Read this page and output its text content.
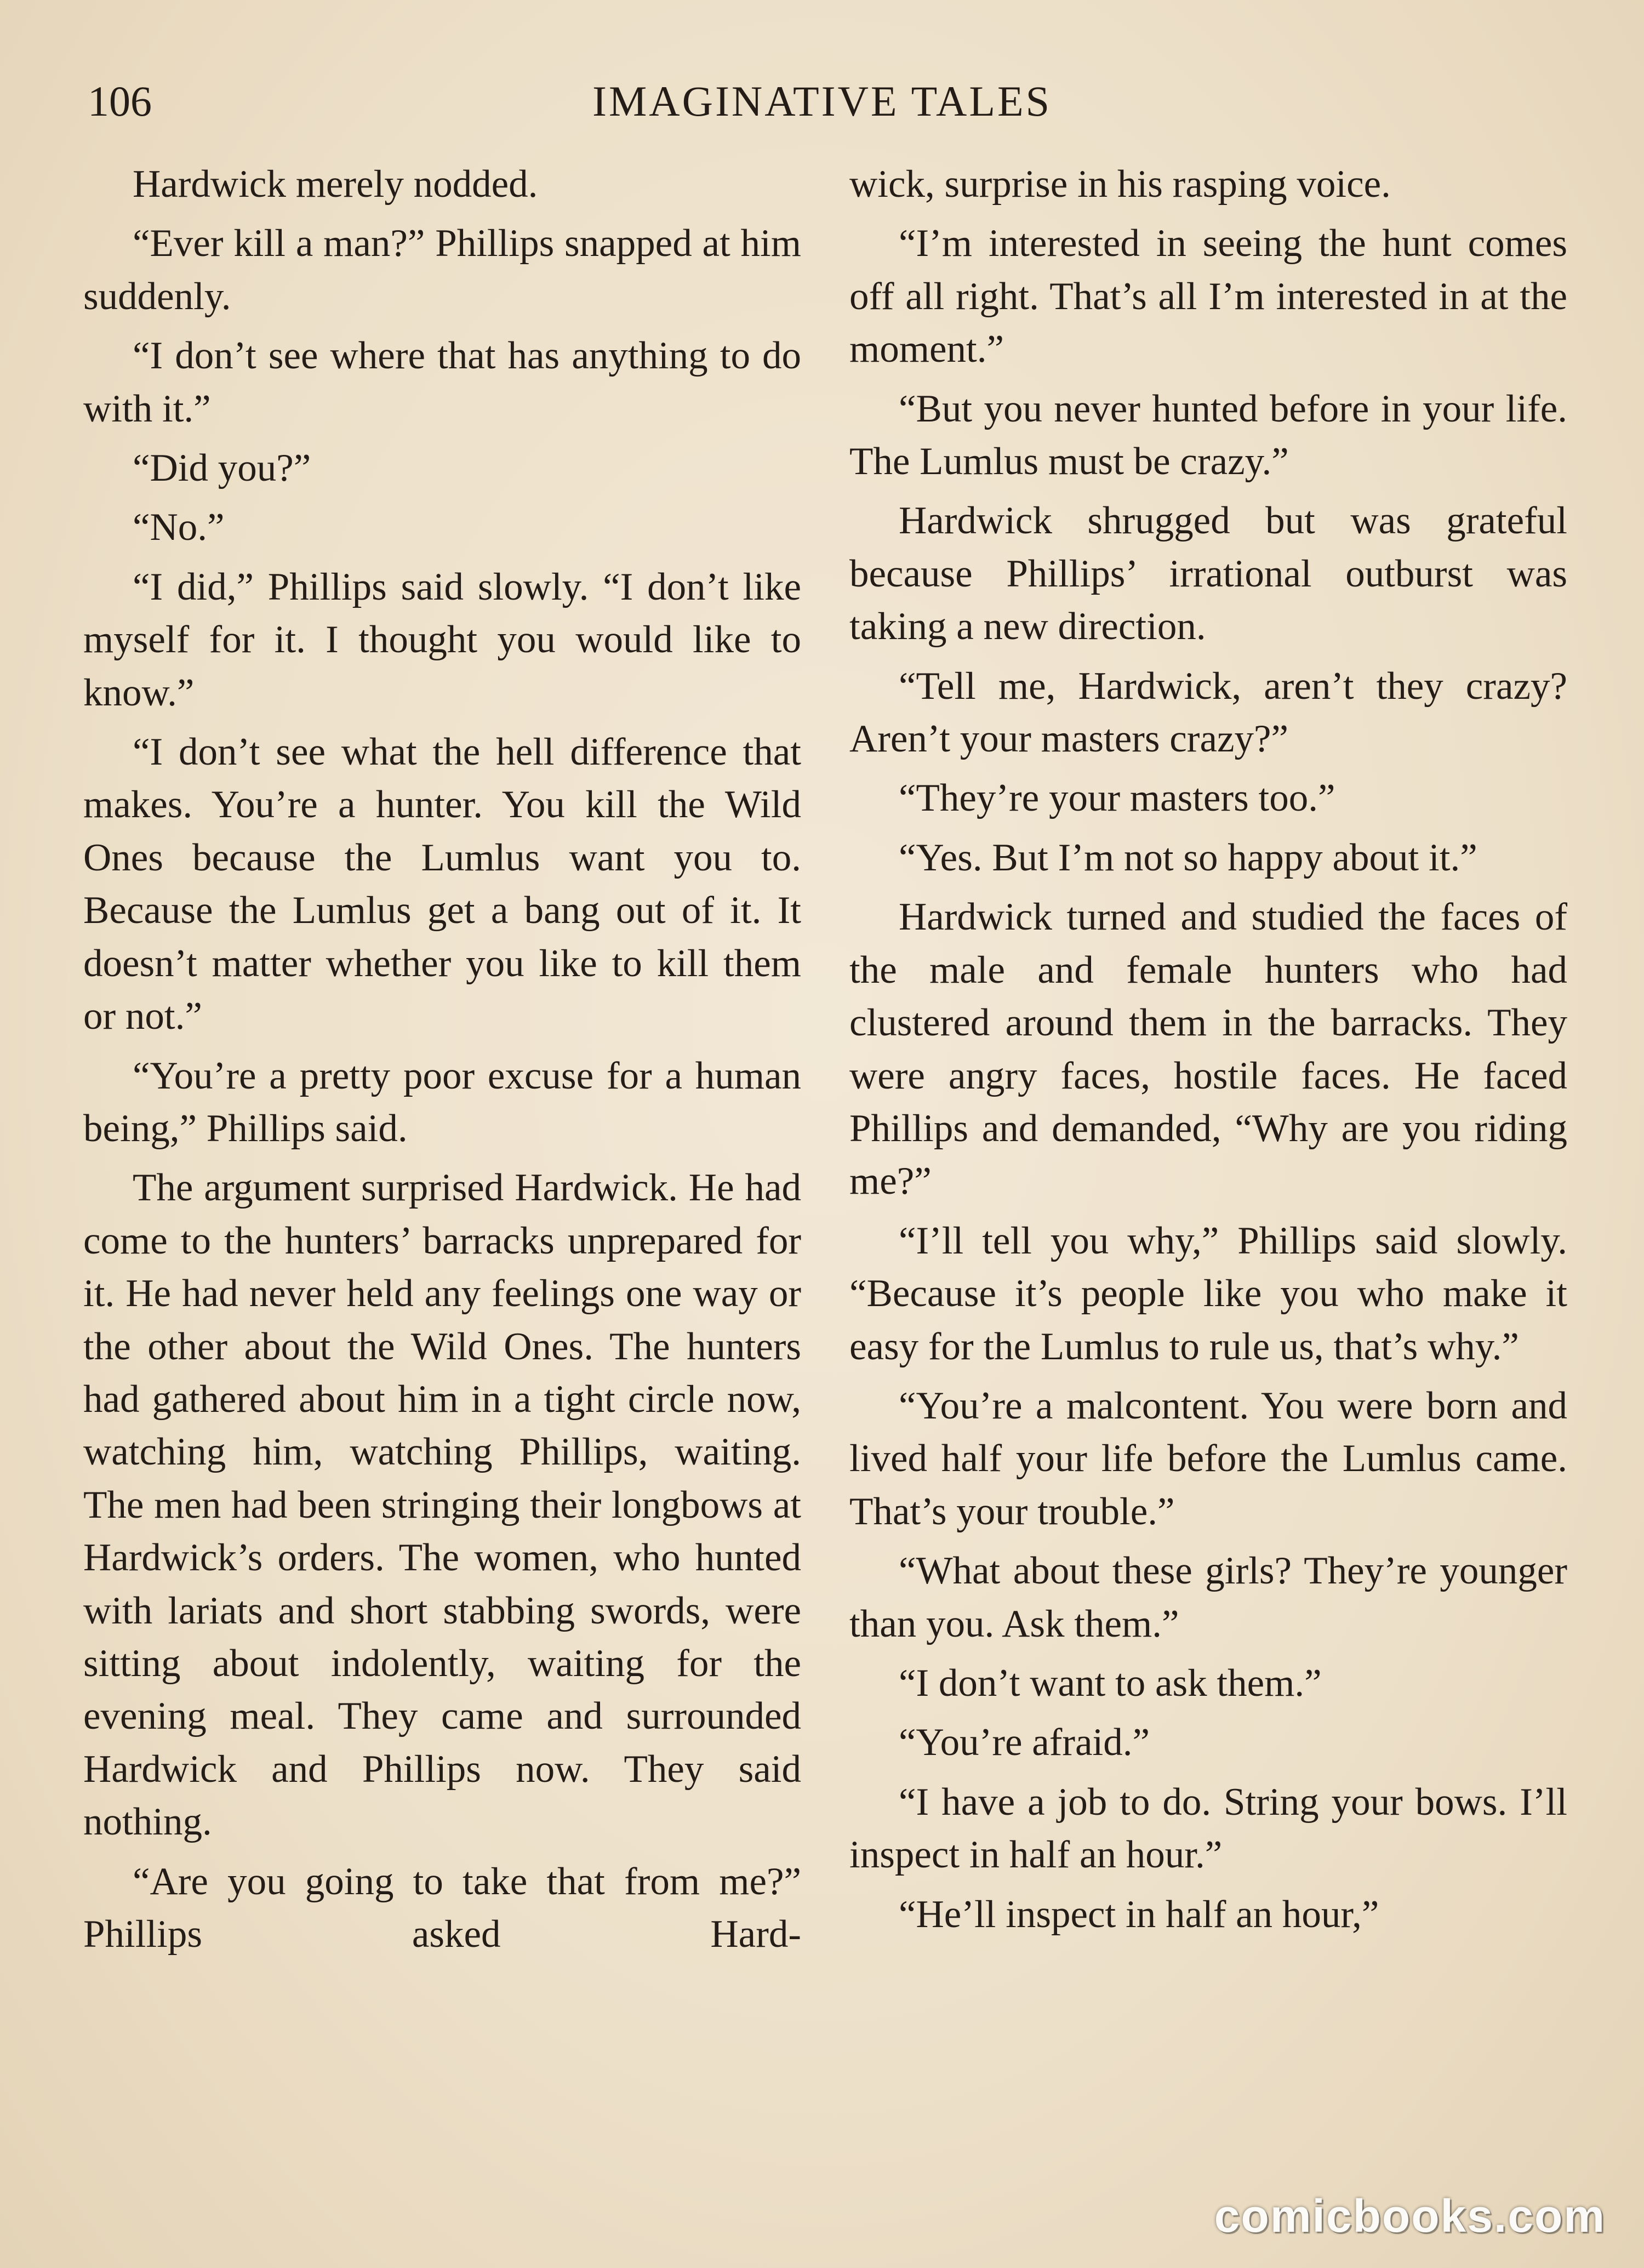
106	IMAGINATIVE TALES

Hardwick merely nodded.

“Ever kill a man?” Phillips snapped at him suddenly.

“I don’t see where that has anything to do with it.”

“Did you?”

“No.”

“I did,” Phillips said slowly. “I don’t like myself for it. I thought you would like to know.”

“I don’t see what the hell difference that makes. You’re a hunter. You kill the Wild Ones because the Lumlus want you to. Because the Lumlus get a bang out of it. It doesn’t matter whether you like to kill them or not.”

“You’re a pretty poor excuse for a human being,” Phillips said.

The argument surprised Hardwick. He had come to the hunters’ barracks unprepared for it. He had never held any feelings one way or the other about the Wild Ones. The hunters had gathered about him in a tight circle now, watching him, watching Phillips, waiting. The men had been stringing their longbows at Hardwick’s orders. The women, who hunted with lariats and short stabbing swords, were sitting about indolently, waiting for the evening meal. They came and surrounded Hardwick and Phillips now. They said nothing.

“Are you going to take that from me?” Phillips asked Hard-

wick, surprise in his rasping voice.

“I’m interested in seeing the hunt comes off all right. That’s all I’m interested in at the moment.”

“But you never hunted before in your life. The Lumlus must be crazy.”

Hardwick shrugged but was grateful because Phillips’ irrational outburst was taking a new direction.

“Tell me, Hardwick, aren’t they crazy? Aren’t your masters crazy?”

“They’re your masters too.”

“Yes. But I’m not so happy about it.”

Hardwick turned and studied the faces of the male and female hunters who had clustered around them in the barracks. They were angry faces, hostile faces. He faced Phillips and demanded, “Why are you riding me?”

“I’ll tell you why,” Phillips said slowly. “Because it’s people like you who make it easy for the Lumlus to rule us, that’s why.”

“You’re a malcontent. You were born and lived half your life before the Lumlus came. That’s your trouble.”

“What about these girls? They’re younger than you. Ask them.”

“I don’t want to ask them.”

“You’re afraid.”

“I have a job to do. String your bows. I’ll inspect in half an hour.”

“He’ll inspect in half an hour,”

comicbooks.com
